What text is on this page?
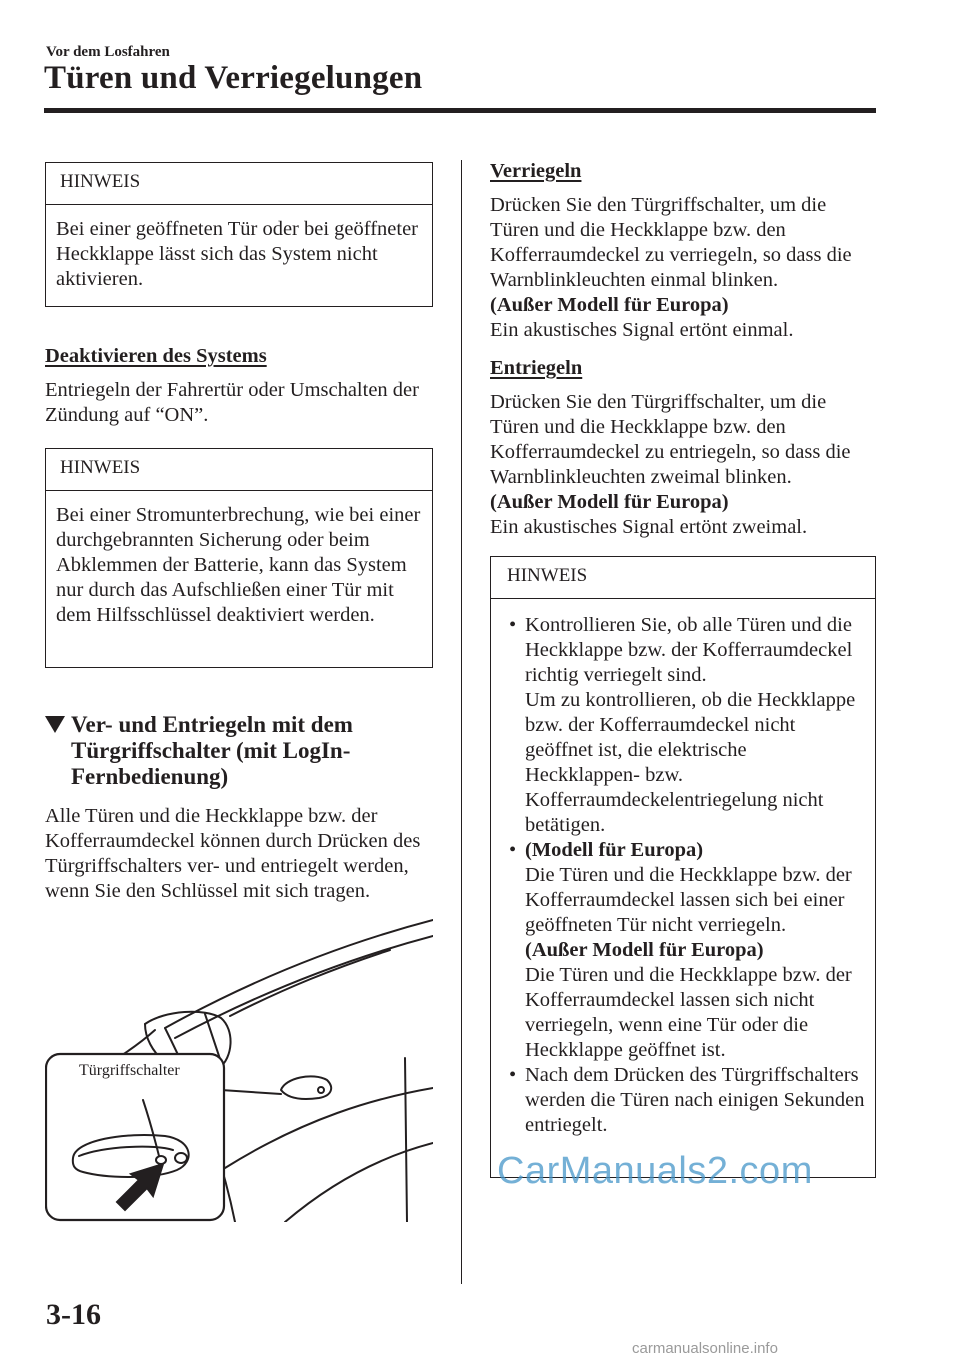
Vor dem Losfahren
Türen und Verriegelungen
HINWEIS
Bei einer geöffneten Tür oder bei geöffneter Heckklappe lässt sich das System nicht aktivieren.
Deaktivieren des Systems

Entriegeln der Fahrertür oder Umschalten der Zündung auf “ON”.

HINWEIS
Bei einer Stromunterbrechung, wie bei einer durchgebrannten Sicherung oder beim Abklemmen der Batterie, kann das System nur durch das Aufschließen einer Tür mit dem Hilfsschlüssel deaktiviert werden.
Ver- und Entriegeln mit dem
Türgriffschalter (mit LogIn-
Fernbedienung)

Alle Türen und die Heckklappe bzw. der Kofferraumdeckel können durch Drücken des Türgriffschalters ver- und entriegelt werden, wenn Sie den Schlüssel mit sich tragen.

Türgriffschalter
Verriegeln

Drücken Sie den Türgriffschalter, um die Türen und die Heckklappe bzw. den Kofferraumdeckel zu verriegeln, so dass die Warnblinkleuchten einmal blinken.

(Außer Modell für Europa)

Ein akustisches Signal ertönt einmal.

Entriegeln

Drücken Sie den Türgriffschalter, um die Türen und die Heckklappe bzw. den Kofferraumdeckel zu entriegeln, so dass die Warnblinkleuchten zweimal blinken.

(Außer Modell für Europa)

Ein akustisches Signal ertönt zweimal.

HINWEIS
• Kontrollieren Sie, ob alle Türen und die Heckklappe bzw. der Kofferraumdeckel richtig verriegelt sind.
Um zu kontrollieren, ob die Heckklappe bzw. der Kofferraumdeckel nicht geöffnet ist, die elektrische Heckklappen- bzw. Kofferraumdeckelentriegelung nicht betätigen.
• (Modell für Europa)
Die Türen und die Heckklappe bzw. der Kofferraumdeckel lassen sich bei einer geöffneten Tür nicht verriegeln.
(Außer Modell für Europa)
Die Türen und die Heckklappe bzw. der Kofferraumdeckel lassen sich nicht verriegeln, wenn eine Tür oder die Heckklappe geöffnet ist.
• Nach dem Drücken des Türgriffschalters werden die Türen nach einigen Sekunden entriegelt.
3-16
CarManuals2.com
carmanualsonline.info
